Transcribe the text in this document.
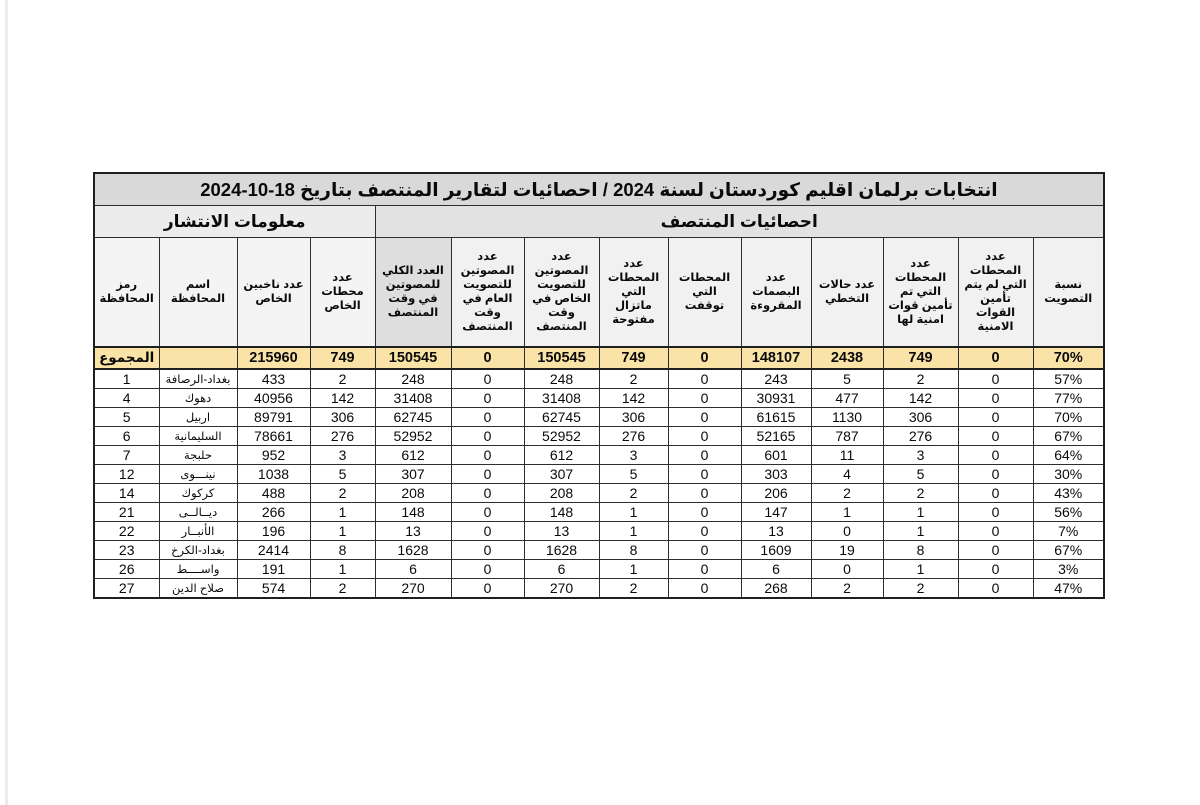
انتخابات برلمان اقليم كوردستان لسنة 2024 / احصائيات لتقارير المنتصف بتاريخ 18-10-2024													
احصائيات المنتصف										معلومات الانتشار			
نسبة التصويت	عدد المحطات التي لم يتم تأمين القوات الامنية	عدد المحطات التي تم تأمين قوات امنية لها	عدد حالات التخطي	عدد البصمات المقروءة	المحطات التي توقفت	عدد المحطات التي ماتزال مفتوحة	عدد المصوتين للتصويت الخاص في وقت المنتصف	عدد المصوتين للتصويت العام في وقت المنتصف	العدد الكلي للمصوتين في وقت المنتصف	عدد محطات الخاص	عدد ناخبين الخاص	اسم المحافظة	رمز المحافظة
70%	0	749	2438	148107	0	749	150545	0	150545	749	215960		المجموع
57%	0	2	5	243	0	2	248	0	248	2	433	بغداد-الرصافة	1
77%	0	142	477	30931	0	142	31408	0	31408	142	40956	دهوك	4
70%	0	306	1130	61615	0	306	62745	0	62745	306	89791	اربيل	5
67%	0	276	787	52165	0	276	52952	0	52952	276	78661	السليمانية	6
64%	0	3	11	601	0	3	612	0	612	3	952	حلبجة	7
30%	0	5	4	303	0	5	307	0	307	5	1038	نينـــوى	12
43%	0	2	2	206	0	2	208	0	208	2	488	كركوك	14
56%	0	1	1	147	0	1	148	0	148	1	266	ديــالــى	21
7%	0	1	0	13	0	1	13	0	13	1	196	الأنبــار	22
67%	0	8	19	1609	0	8	1628	0	1628	8	2414	بغداد-الكرخ	23
3%	0	1	0	6	0	1	6	0	6	1	191	واســــط	26
47%	0	2	2	268	0	2	270	0	270	2	574	صلاح الدين	27
